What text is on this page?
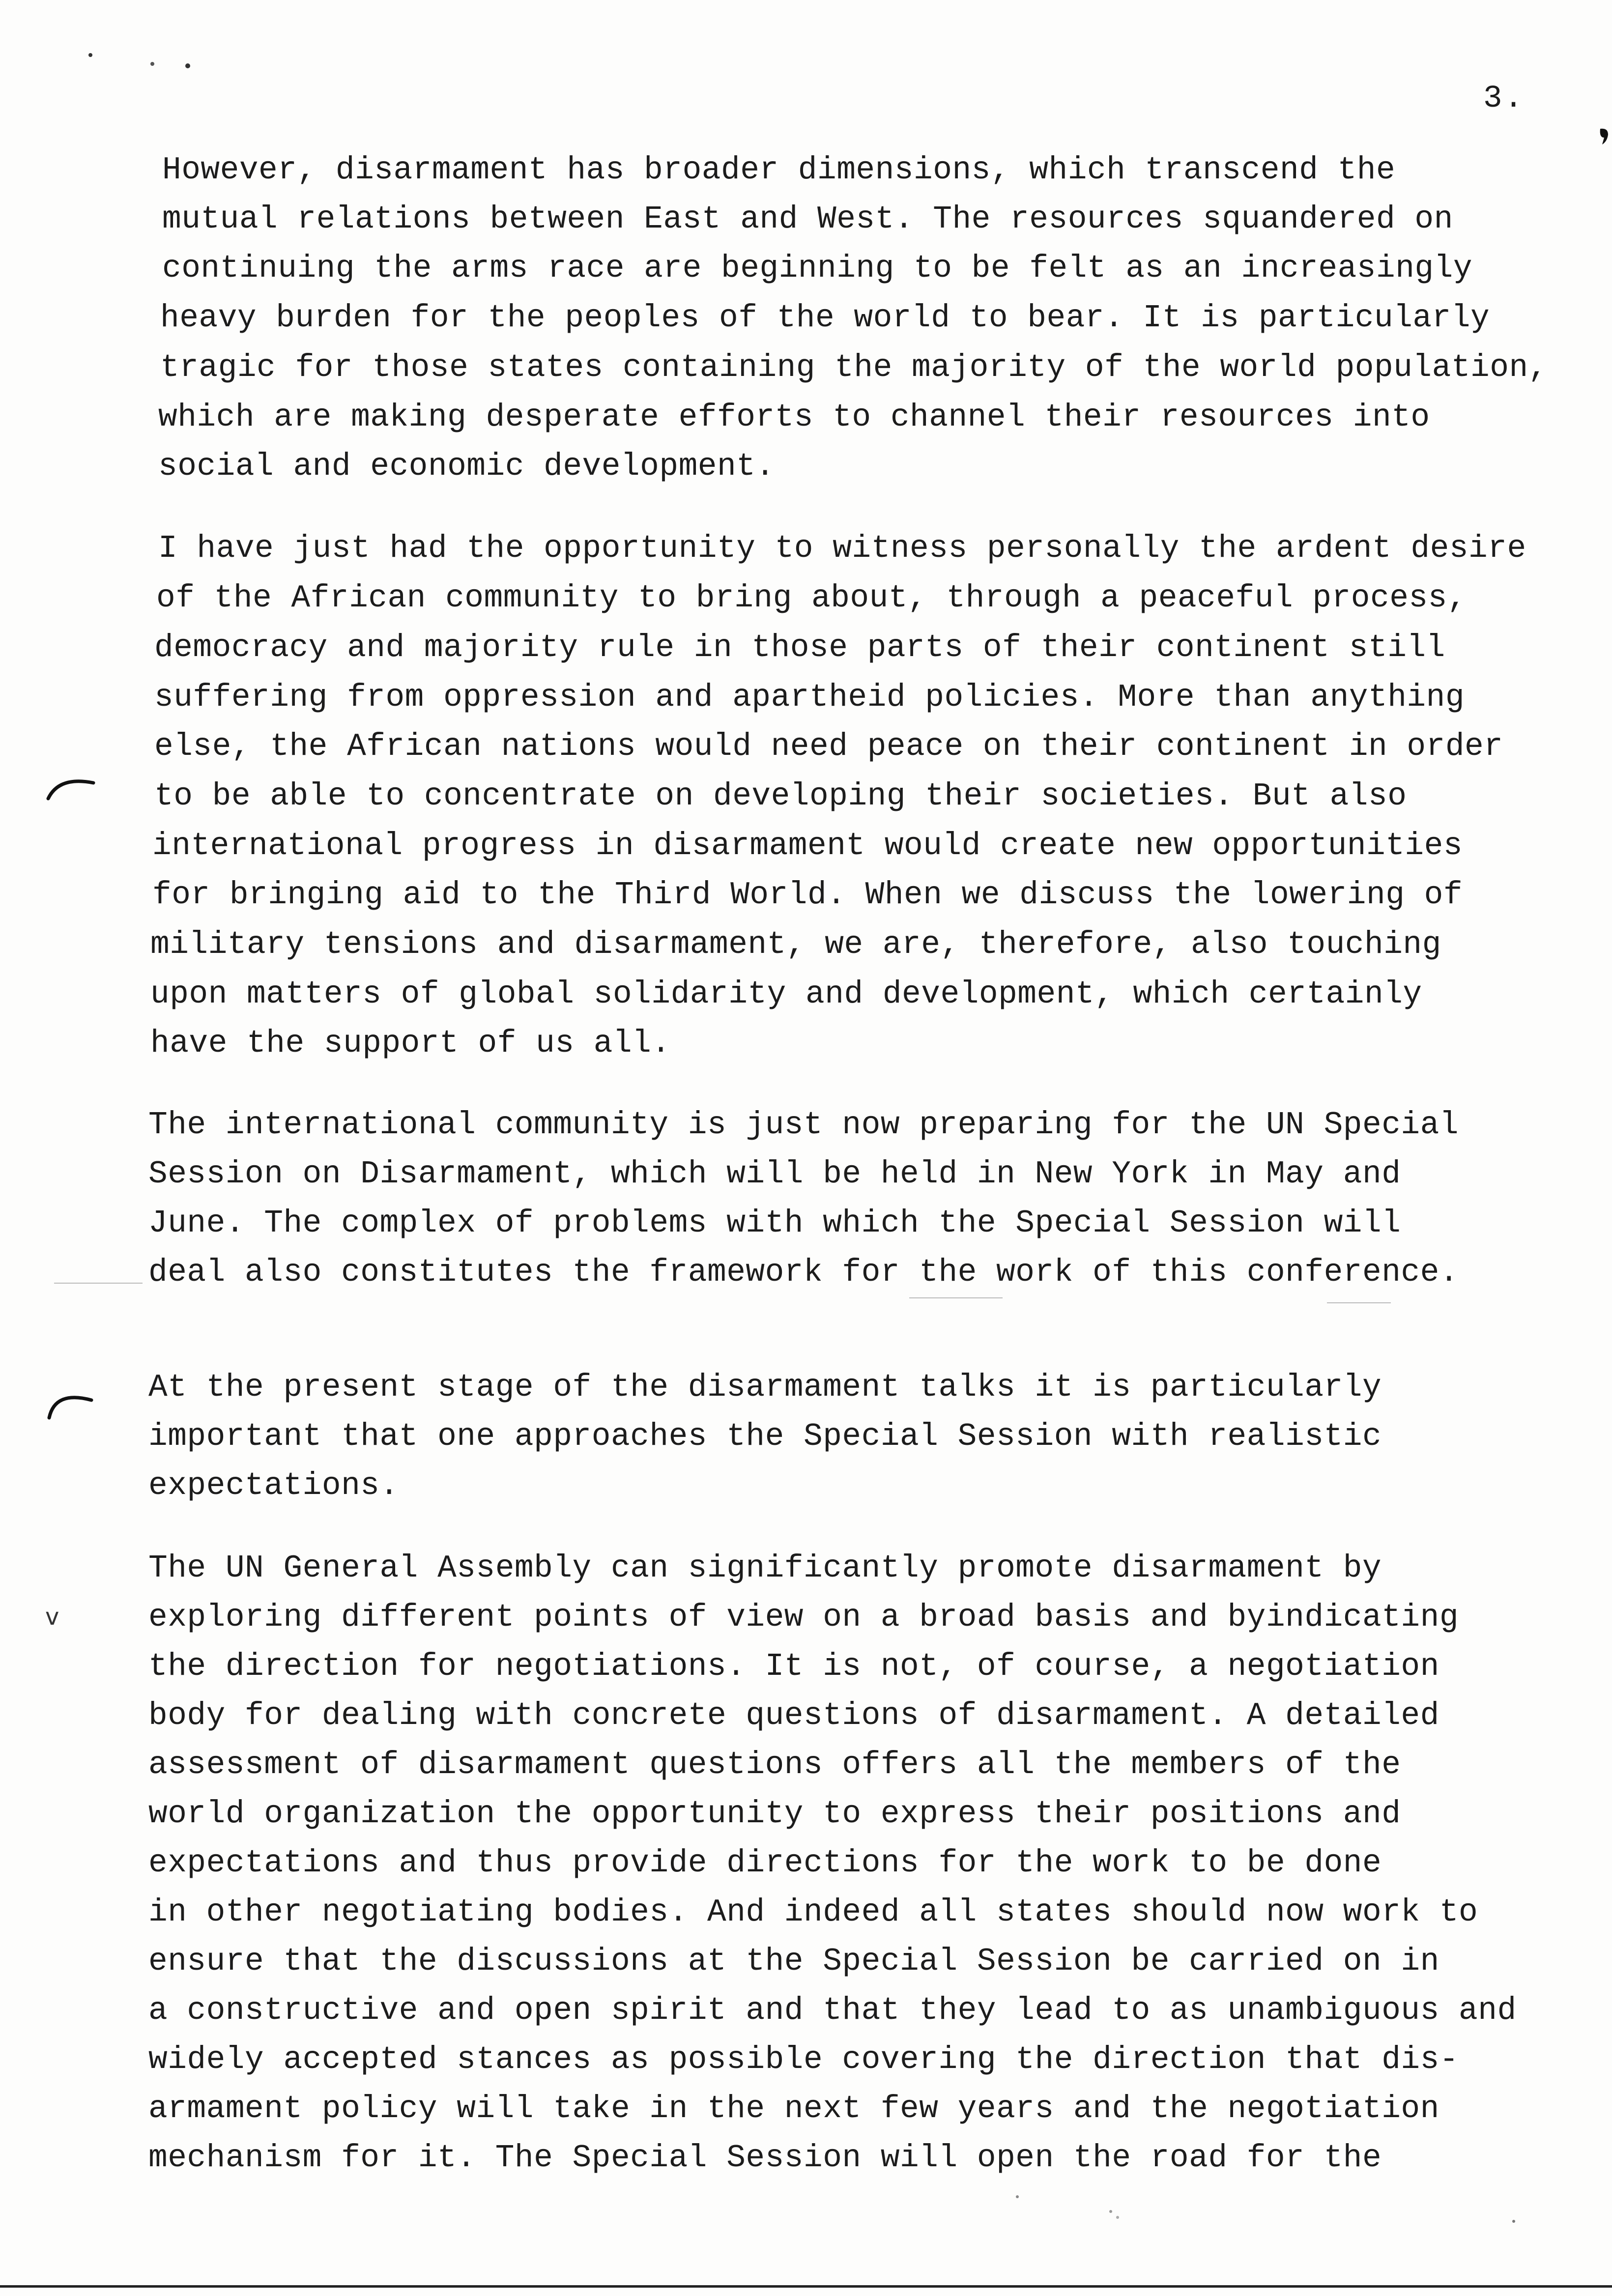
3.
However, disarmament has broader dimensions, which transcend the
mutual relations between East and West. The resources squandered on
continuing the arms race are beginning to be felt as an increasingly
heavy burden for the peoples of the world to bear. It is particularly
tragic for those states containing the majority of the world population,
which are making desperate efforts to channel their resources into
social and economic development.
I have just had the opportunity to witness personally the ardent desire
of the African community to bring about, through a peaceful process,
democracy and majority rule in those parts of their continent still
suffering from oppression and apartheid policies. More than anything
else, the African nations would need peace on their continent in order
to be able to concentrate on developing their societies. But also
international progress in disarmament would create new opportunities
for bringing aid to the Third World. When we discuss the lowering of
military tensions and disarmament, we are, therefore, also touching
upon matters of global solidarity and development, which certainly
have the support of us all.
The international community is just now preparing for the UN Special
Session on Disarmament, which will be held in New York in May and
June. The complex of problems with which the Special Session will
deal also constitutes the framework for the work of this conference.
At the present stage of the disarmament talks it is particularly
important that one approaches the Special Session with realistic
expectations.
The UN General Assembly can significantly promote disarmament by
exploring different points of view on a broad basis and byindicating
the direction for negotiations. It is not, of course, a negotiation
body for dealing with concrete questions of disarmament. A detailed
assessment of disarmament questions offers all the members of the
world organization the opportunity to express their positions and
expectations and thus provide directions for the work to be done
in other negotiating bodies. And indeed all states should now work to
ensure that the discussions at the Special Session be carried on in
a constructive and open spirit and that they lead to as unambiguous and
widely accepted stances as possible covering the direction that dis-
armament policy will take in the next few years and the negotiation
mechanism for it. The Special Session will open the road for the
v
